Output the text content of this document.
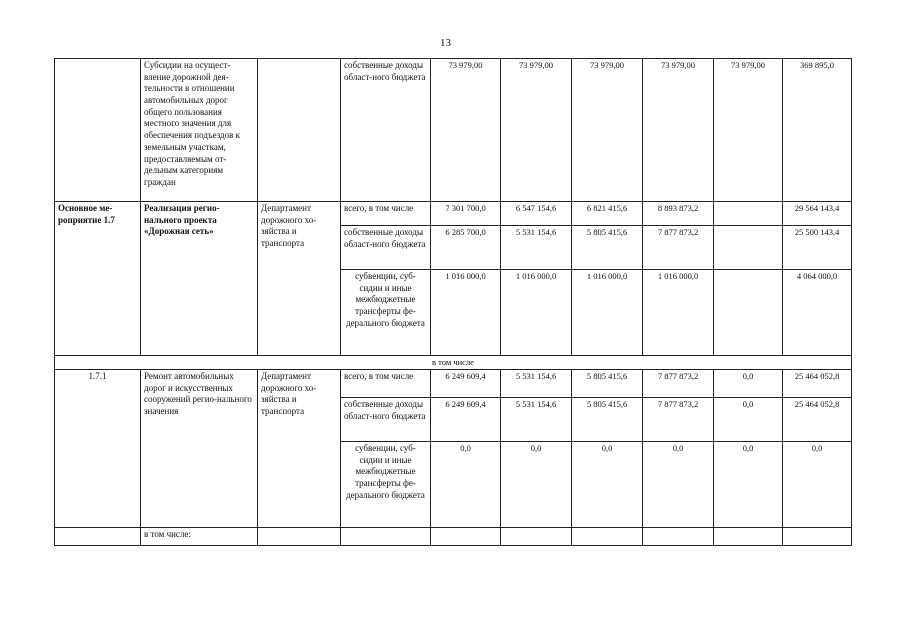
13
	Субсидии на осущест-вление дорожной дея-тельности в отношении автомобильных дорог общего пользования местного значения для обеспечения подъездов к земельным участкам, предоставляемым от-дельным категориям граждан		собственные доходы област-ного бюджета	73 979,00	73 979,00	73 979,00	73 979,00	73 979,00	369 895,0
Основное ме-роприятие 1.7	Реализация регио-нального проекта «Дорожная сеть»	Департамент дорожного хо-зяйства и транспорта	всего, в том числе	7 301 700,0	6 547 154,6	6 821 415,6	8 893 873,2		29 564 143,4
			собственные доходы област-ного бюджета	6 285 700,0	5 531 154,6	5 805 415,6	7 877 873,2		25 500 143,4
			субвенции, суб-сидии и иные межбюджетные трансферты фе-дерального бюджета	1 016 000,0	1 016 000,0	1 016 000,0	1 016 000,0		4 064 000,0
в том числе									
1.7.1	Ремонт автомобильных дорог и искусственных сооружений регио-нального значения	Департамент дорожного хо-зяйства и транспорта	всего, в том числе	6 249 609,4	5 531 154,6	5 805 415,6	7 877 873,2	0,0	25 464 052,8
			собственные доходы област-ного бюджета	6 249 609,4	5 531 154,6	5 805 415,6	7 877 873,2	0,0	25 464 052,8
			субвенции, суб-сидии и иные межбюджетные трансферты фе-дерального бюджета	0,0	0,0	0,0	0,0	0,0	0,0
	в том числе:								
